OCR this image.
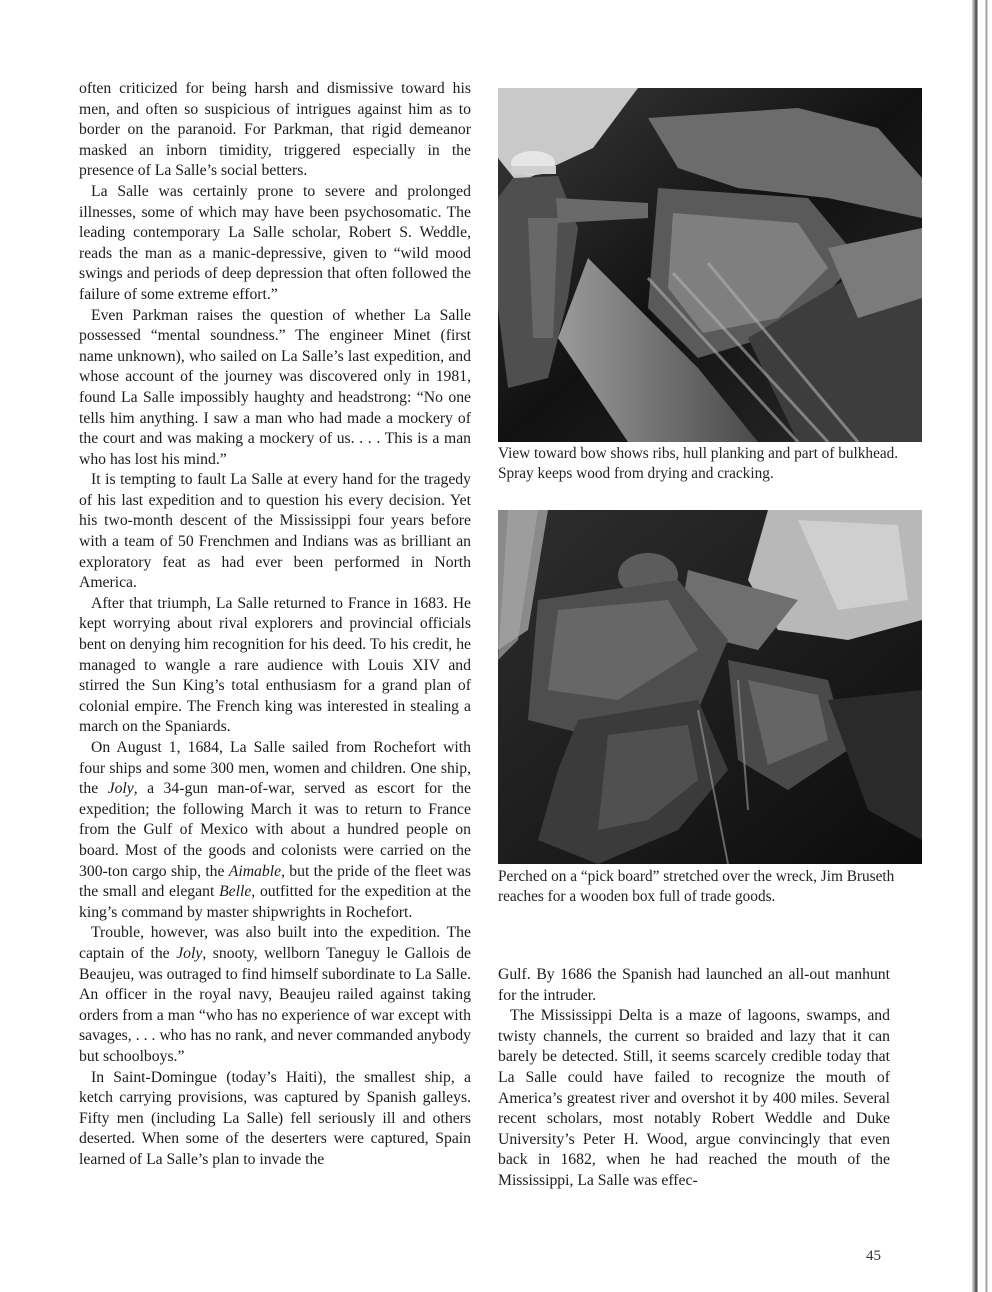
often criticized for being harsh and dismissive toward his men, and often so suspicious of intrigues against him as to border on the paranoid. For Parkman, that rigid demeanor masked an inborn timidity, triggered especially in the presence of La Salle’s social betters.

La Salle was certainly prone to severe and prolonged illnesses, some of which may have been psychosomatic. The leading contemporary La Salle scholar, Robert S. Weddle, reads the man as a manic-depressive, given to “wild mood swings and periods of deep depression that often followed the failure of some extreme effort.”

Even Parkman raises the question of whether La Salle possessed “mental soundness.” The engineer Minet (first name unknown), who sailed on La Salle’s last expedition, and whose account of the journey was discovered only in 1981, found La Salle impossibly haughty and headstrong: “No one tells him anything. I saw a man who had made a mockery of the court and was making a mockery of us. . . . This is a man who has lost his mind.”

It is tempting to fault La Salle at every hand for the tragedy of his last expedition and to question his every decision. Yet his two-month descent of the Mississippi four years before with a team of 50 Frenchmen and Indians was as brilliant an exploratory feat as had ever been performed in North America.

After that triumph, La Salle returned to France in 1683. He kept worrying about rival explorers and provincial officials bent on denying him recognition for his deed. To his credit, he managed to wangle a rare audience with Louis XIV and stirred the Sun King’s total enthusiasm for a grand plan of colonial empire. The French king was interested in stealing a march on the Spaniards.

On August 1, 1684, La Salle sailed from Rochefort with four ships and some 300 men, women and children. One ship, the Joly, a 34-gun man-of-war, served as escort for the expedition; the following March it was to return to France from the Gulf of Mexico with about a hundred people on board. Most of the goods and colonists were carried on the 300-ton cargo ship, the Aimable, but the pride of the fleet was the small and elegant Belle, outfitted for the expedition at the king’s command by master shipwrights in Rochefort.

Trouble, however, was also built into the expedition. The captain of the Joly, snooty, wellborn Taneguy le Gallois de Beaujeu, was outraged to find himself subordinate to La Salle. An officer in the royal navy, Beaujeu railed against taking orders from a man “who has no experience of war except with savages, . . . who has no rank, and never commanded anybody but schoolboys.”

In Saint-Domingue (today’s Haiti), the smallest ship, a ketch carrying provisions, was captured by Spanish galleys. Fifty men (including La Salle) fell seriously ill and others deserted. When some of the deserters were captured, Spain learned of La Salle’s plan to invade the

View toward bow shows ribs, hull planking and part of bulkhead. Spray keeps wood from drying and cracking.
Perched on a “pick board” stretched over the wreck, Jim Bruseth reaches for a wooden box full of trade goods.

Gulf. By 1686 the Spanish had launched an all-out manhunt for the intruder.

The Mississippi Delta is a maze of lagoons, swamps, and twisty channels, the current so braided and lazy that it can barely be detected. Still, it seems scarcely credible today that La Salle could have failed to recognize the mouth of America’s greatest river and overshot it by 400 miles. Several recent scholars, most notably Robert Weddle and Duke University’s Peter H. Wood, argue convincingly that even back in 1682, when he had reached the mouth of the Mississippi, La Salle was effec-

45
